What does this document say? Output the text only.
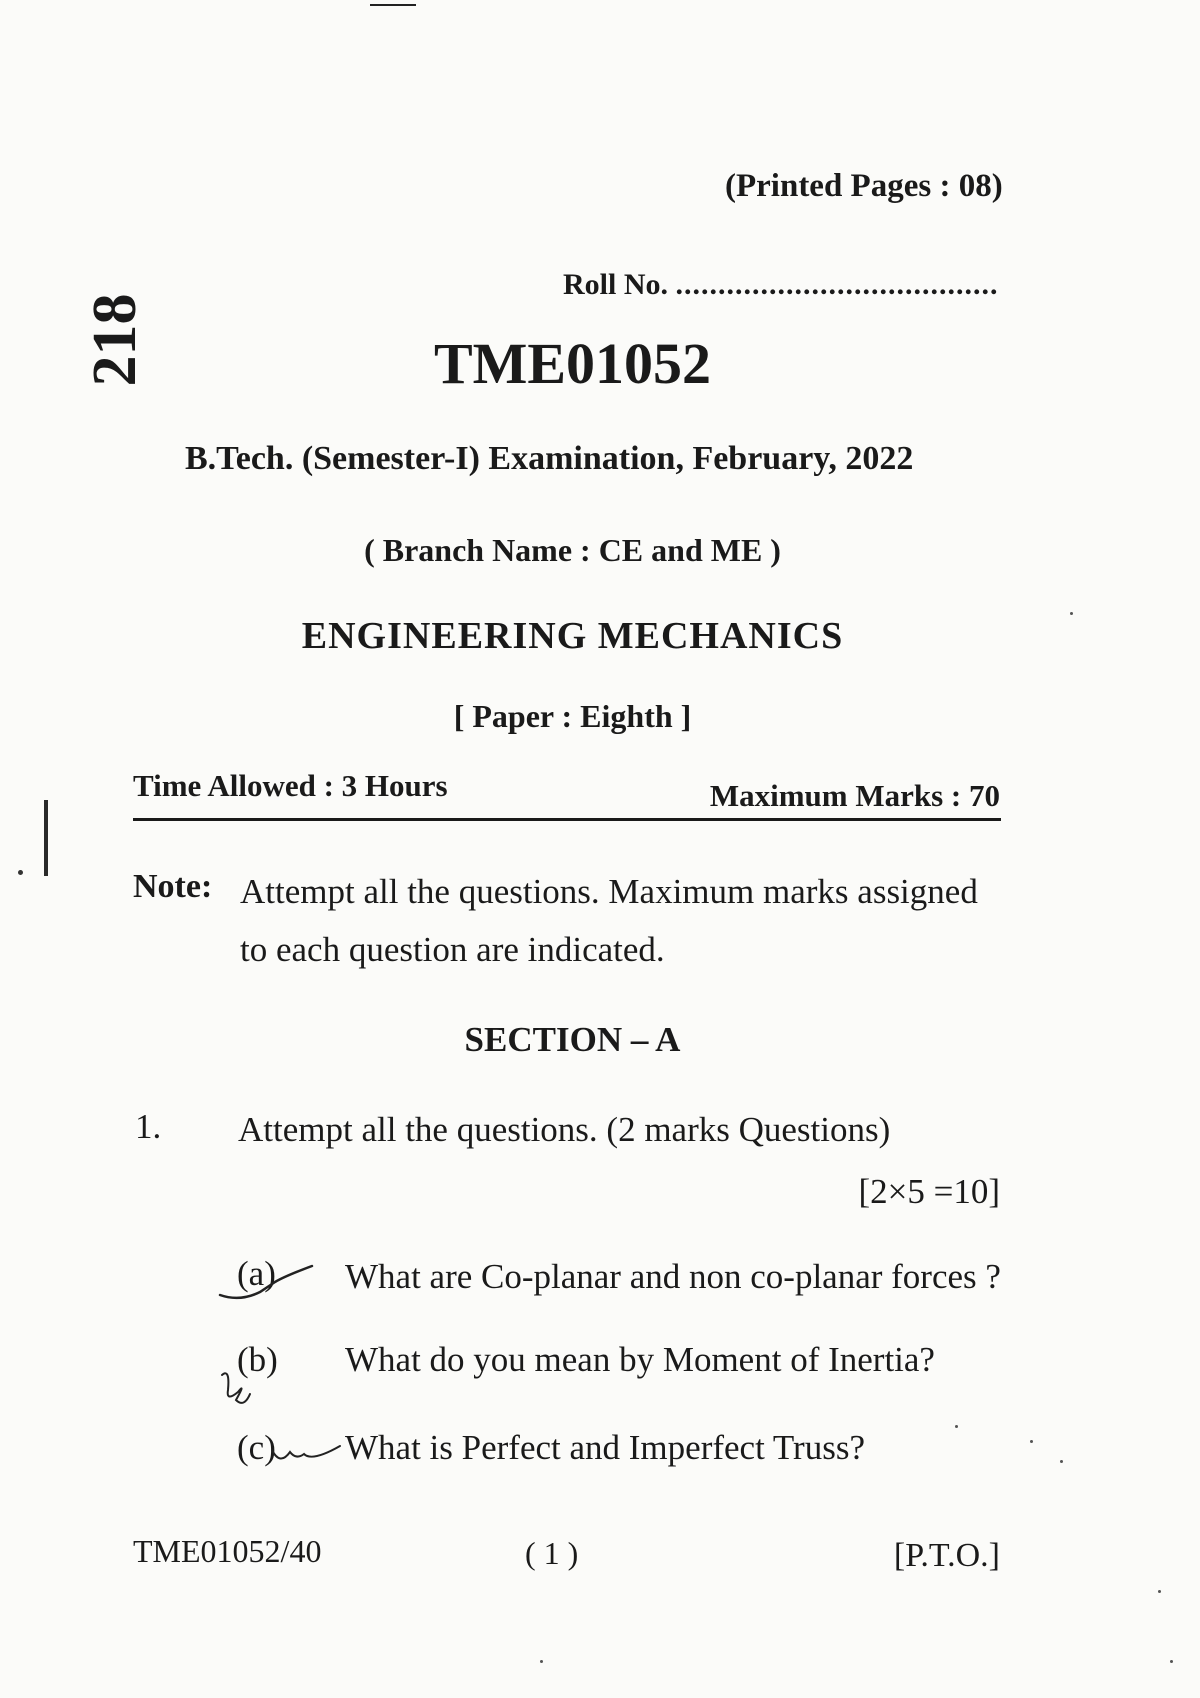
218
(Printed Pages : 08)
Roll No. ......................................
TME01052
B.Tech. (Semester-I) Examination, February, 2022
( Branch Name : CE and ME )
ENGINEERING MECHANICS
[ Paper : Eighth ]
Time Allowed : 3 Hours	Maximum Marks : 70
Note: Attempt all the questions. Maximum marks assigned
to each question are indicated.
SECTION – A
1. Attempt all the questions. (2 marks Questions)
[2×5 =10]
(a) What are Co-planar and non co-planar forces ?
(b) What do you mean by Moment of Inertia?
(c) What is Perfect and Imperfect Truss?
TME01052/40	( 1 )	[P.T.O.]
